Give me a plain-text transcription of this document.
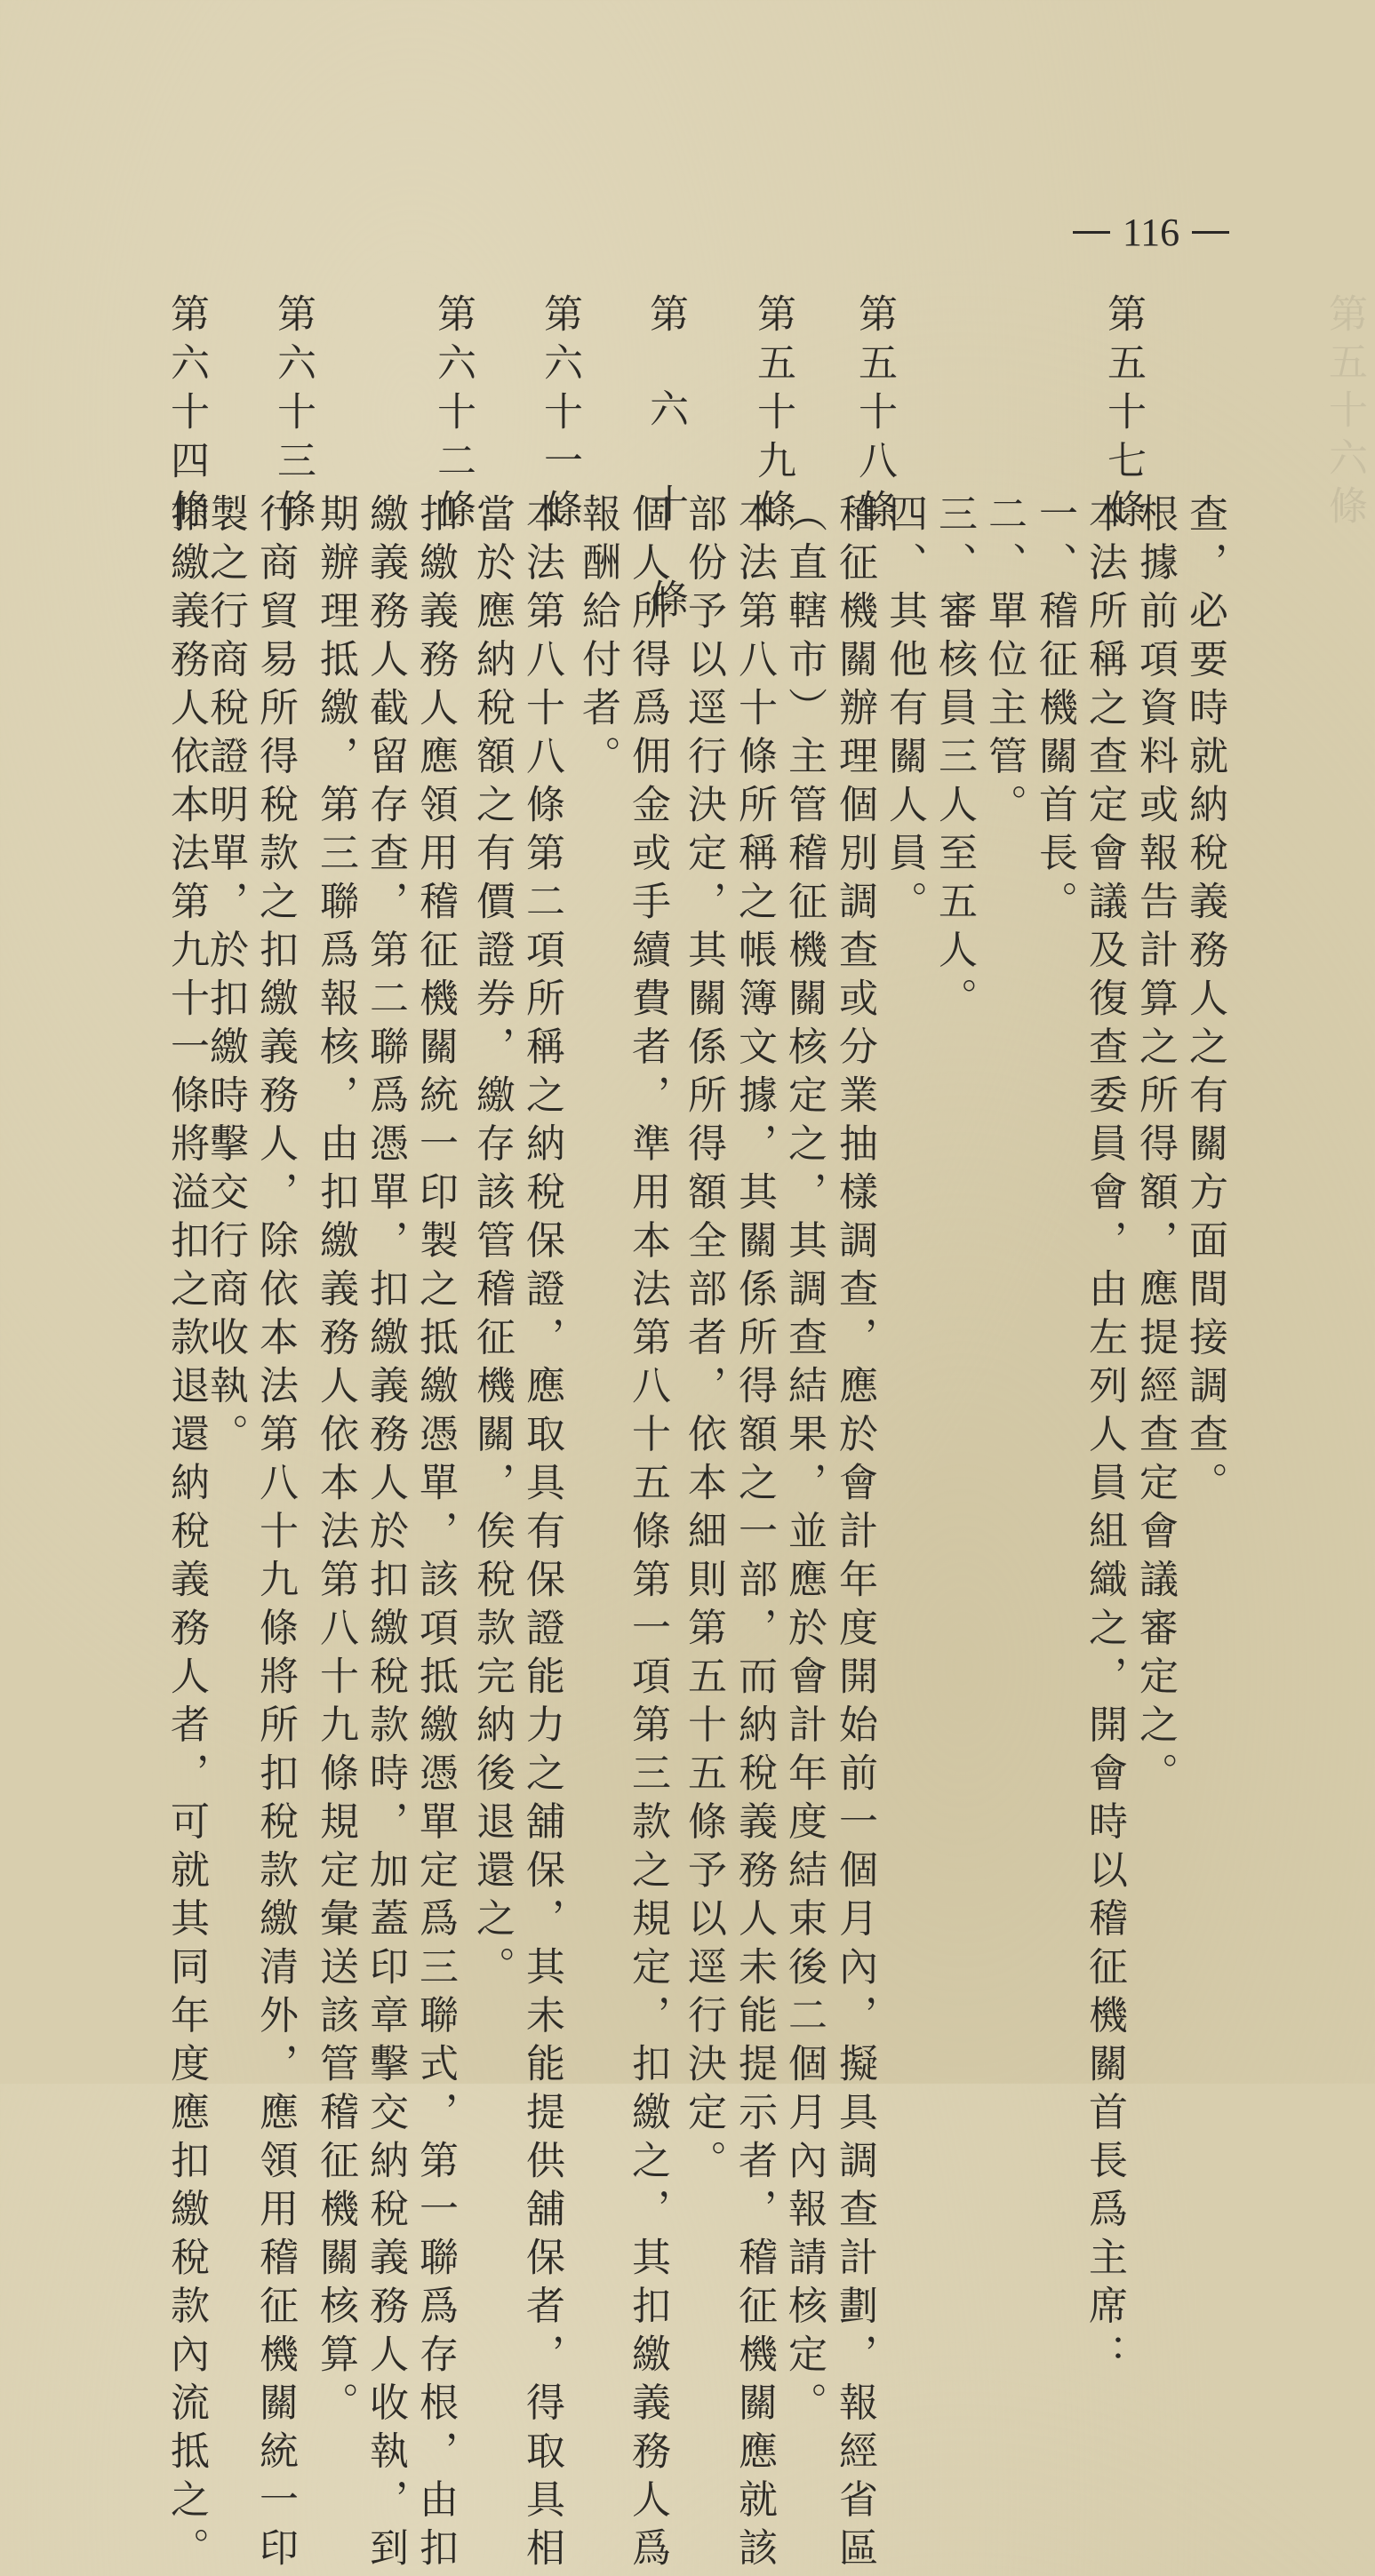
116
第五十六條
查，必要時就納稅義務人之有關方面間接調查。
根據前項資料或報告計算之所得額，應提經查定會議審定之。
第五十七條
本法所稱之查定會議及復查委員會，由左列人員組織之，開會時以稽征機關首長爲主席：
一、稽征機關首長。
二、單位主管。
三、審核員三人至五人。
四、其他有關人員。
第五十八條
稽征機關辦理個別調查或分業抽樣調查，應於會計年度開始前一個月內，擬具調查計劃，報經省區
（直轄市）主管稽征機關核定之，其調查結果，並應於會計年度結束後二個月內報請核定。
第五十九條
本法第八十條所稱之帳簿文據，其關係所得額之一部，而納稅義務人未能提示者，稽征機關應就該
部份予以逕行決定，其關係所得額全部者，依本細則第五十五條予以逕行決定。
第 六 十 條
個人所得爲佣金或手續費者，準用本法第八十五條第一項第三款之規定，扣繳之，其扣繳義務人爲
報酬給付者。
第六十一條
本法第八十八條第二項所稱之納稅保證，應取具有保證能力之舖保，其未能提供舖保者，得取具相
當於應納稅額之有價證券，繳存該管稽征機關，俟稅款完納後退還之。
第六十二條
扣繳義務人應領用稽征機關統一印製之抵繳憑單，該項抵繳憑單定爲三聯式，第一聯爲存根，由扣
繳義務人截留存查，第二聯爲憑單，扣繳義務人於扣繳稅款時，加蓋印章擊交納稅義務人收執，到
期辦理抵繳，第三聯爲報核，由扣繳義務人依本法第八十九條規定彙送該管稽征機關核算。
第六十三條
行商貿易所得稅款之扣繳義務人，除依本法第八十九條將所扣稅款繳清外，應領用稽征機關統一印
製之行商稅證明單，於扣繳時擊交行商收執。
第六十四條
扣繳義務人依本法第九十一條將溢扣之款退還納稅義務人者，可就其同年度應扣繳稅款內流抵之。
